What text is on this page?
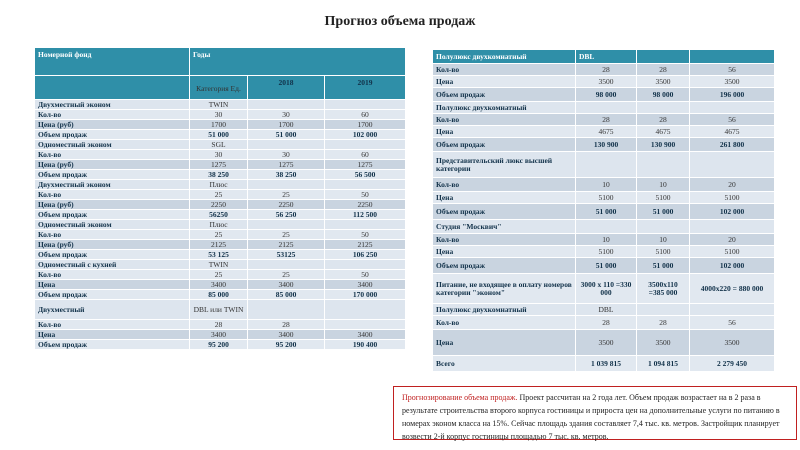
Прогноз объема продаж
Номерной фонд	Годы		
	Категория Ед.	2018	2019
Двухместный эконом	TWIN		
Кол-во	30	30	60
Цена (руб)	1700	1700	1700
Объем продаж	51 000	51 000	102 000
Одноместный эконом	SGL		
Кол-во	30	30	60
Цена (руб)	1275	1275	1275
Объем продаж	38 250	38 250	56 500
Двухместный эконом	Плюс		
Кол-во	25	25	50
Цена (руб)	2250	2250	2250
Объем продаж	56250	56 250	112 500
Одноместный эконом	Плюс		
Кол-во	25	25	50
Цена (руб)	2125	2125	2125
Объем продаж	53 125	53125	106 250
Одноместный с кухней	TWIN		
Кол-во	25	25	50
Цена	3400	3400	3400
Объем продаж	85 000	85 000	170 000
Двухместный	DBL или TWIN		
Кол-во	28	28	
Цена	3400	3400	3400
Объем продаж	95 200	95 200	190 400
Полулюкс двухкомнатный	DBL		
Кол-во	28	28	56
Цена	3500	3500	3500
Объем продаж	98 000	98 000	196 000
Полулюкс двухкомнатный			
Кол-во	28	28	56
Цена	4675	4675	4675
Объем продаж	130 900	130 900	261 800
Представительский люкс высшей категории			
Кол-во	10	10	20
Цена	5100	5100	5100
Объем продаж	51 000	51 000	102 000
Студия "Москвич"			
Кол-во	10	10	20
Цена	5100	5100	5100
Объем продаж	51 000	51 000	102 000
Питание, не входящее в оплату номеров категории "эконом"	3000 х 110 =330 000	3500х110 =385 000	4000х220 = 880 000
Полулюкс двухкомнатный	DBL		
Кол-во	28	28	56
Цена	3500	3500	3500
Всего	1 039 815	1 094 815	2 279 450
Прогнозирование объема продаж. Проект рассчитан на 2 года лет. Объем продаж возрастает на в 2 раза в результате строительства второго корпуса гостиницы и прироста цен на дополнительные услуги по питанию в номерах эконом класса на 15%. Сейчас площадь здания составляет 7,4 тыс. кв. метров. Застройщик планирует возвести 2-й корпус гостиницы площадью 7 тыс. кв. метров.
